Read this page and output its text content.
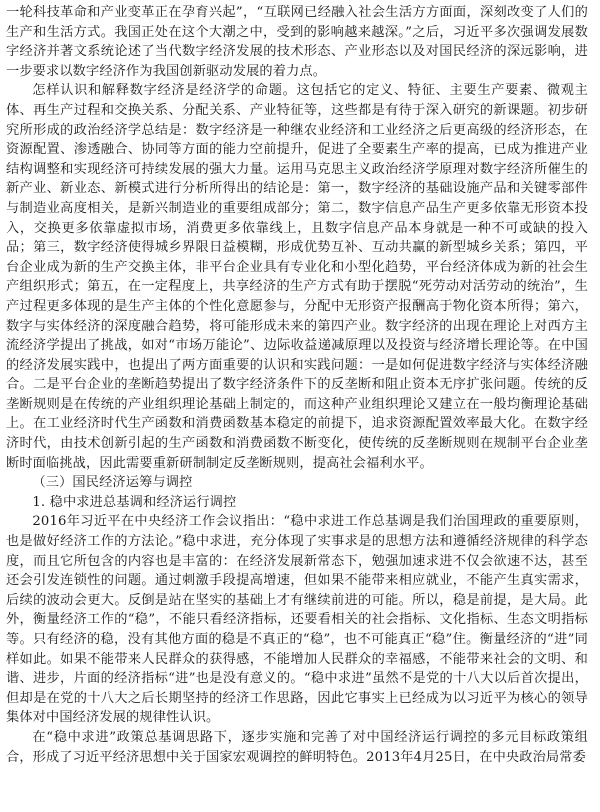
一轮科技革命和产业变革正在孕育兴起”，“互联网已经融入社会生活方方面面，深刻改变了人们的生产和生活方式。我国正处在这个大潮之中，受到的影响越来越深。”之后，习近平多次强调发展数字经济并著文系统论述了当代数字经济发展的技术形态、产业形态以及对国民经济的深远影响，进一步要求以数字经济作为我国创新驱动发展的着力点。

怎样认识和解释数字经济是经济学的命题。这包括它的定义、特征、主要生产要素、微观主体、再生产过程和交换关系、分配关系、产业特征等，这些都是有待于深入研究的新课题。初步研究所形成的政治经济学总结是：数字经济是一种继农业经济和工业经济之后更高级的经济形态，在资源配置、渗透融合、协同等方面的能力空前提升，促进了全要素生产率的提高，已成为推进产业结构调整和实现经济可持续发展的强大力量。运用马克思主义政治经济学原理对数字经济所催生的新产业、新业态、新模式进行分析所得出的结论是：第一，数字经济的基础设施产品和关键零部件与制造业高度相关，是新兴制造业的重要组成部分；第二，数字信息产品生产更多依靠无形资本投入，交换更多依靠虚拟市场，消费更多依靠线上，且数字信息产品本身就是一种不可或缺的投入品；第三，数字经济使得城乡界限日益模糊，形成优势互补、互动共赢的新型城乡关系；第四，平台企业成为新的生产交换主体，非平台企业具有专业化和小型化趋势，平台经济体成为新的社会生产组织形式；第五，在一定程度上，共享经济的生产方式有助于摆脱“死劳动对活劳动的统治”，生产过程更多体现的是生产主体的个性化意愿参与，分配中无形资产报酬高于物化资本所得；第六，数字与实体经济的深度融合趋势，将可能形成未来的第四产业。数字经济的出现在理论上对西方主流经济学提出了挑战，如对“市场万能论”、边际收益递减原理以及投资与经济增长理论等。在中国的经济发展实践中，也提出了两方面重要的认识和实践问题：一是如何促进数字经济与实体经济融合。二是平台企业的垄断趋势提出了数字经济条件下的反垄断和阻止资本无序扩张问题。传统的反垄断规则是在传统的产业组织理论基础上制定的，而这种产业组织理论又建立在一般均衡理论基础上。在工业经济时代生产函数和消费函数基本稳定的前提下，追求资源配置效率最大化。在数字经济时代，由技术创新引起的生产函数和消费函数不断变化，使传统的反垄断规则在规制平台企业垄断时面临挑战，因此需要重新研制制定反垄断规则，提高社会福利水平。

（三）国民经济运筹与调控

1. 稳中求进总基调和经济运行调控

2016年习近平在中央经济工作会议指出：“稳中求进工作总基调是我们治国理政的重要原则，也是做好经济工作的方法论。”稳中求进，充分体现了实事求是的思想方法和遵循经济规律的科学态度，而且它所包含的内容也是丰富的：在经济发展新常态下，勉强加速求进不仅会欲速不达，甚至还会引发连锁性的问题。通过刺激手段提高增速，但如果不能带来相应就业，不能产生真实需求，后续的波动会更大。反倒是站在坚实的基础上才有继续前进的可能。所以，稳是前提，是大局。此外，衡量经济工作的“稳”，不能只看经济指标，还要看相关的社会指标、文化指标、生态文明指标等。只有经济的稳，没有其他方面的稳是不真正的“稳”，也不可能真正“稳”住。衡量经济的“进”同样如此。如果不能带来人民群众的获得感，不能增加人民群众的幸福感，不能带来社会的文明、和谐、进步，片面的经济指标“进”也是没有意义的。“稳中求进”虽然不是党的十八大以后首次提出，但却是在党的十八大之后长期坚持的经济工作思路，因此它事实上已经成为以习近平为核心的领导集体对中国经济发展的规律性认识。

在“稳中求进”政策总基调思路下，逐步实施和完善了对中国经济运行调控的多元目标政策组合，形成了习近平经济思想中关于国家宏观调控的鲜明特色。2013年4月25日，在中央政治局常委
